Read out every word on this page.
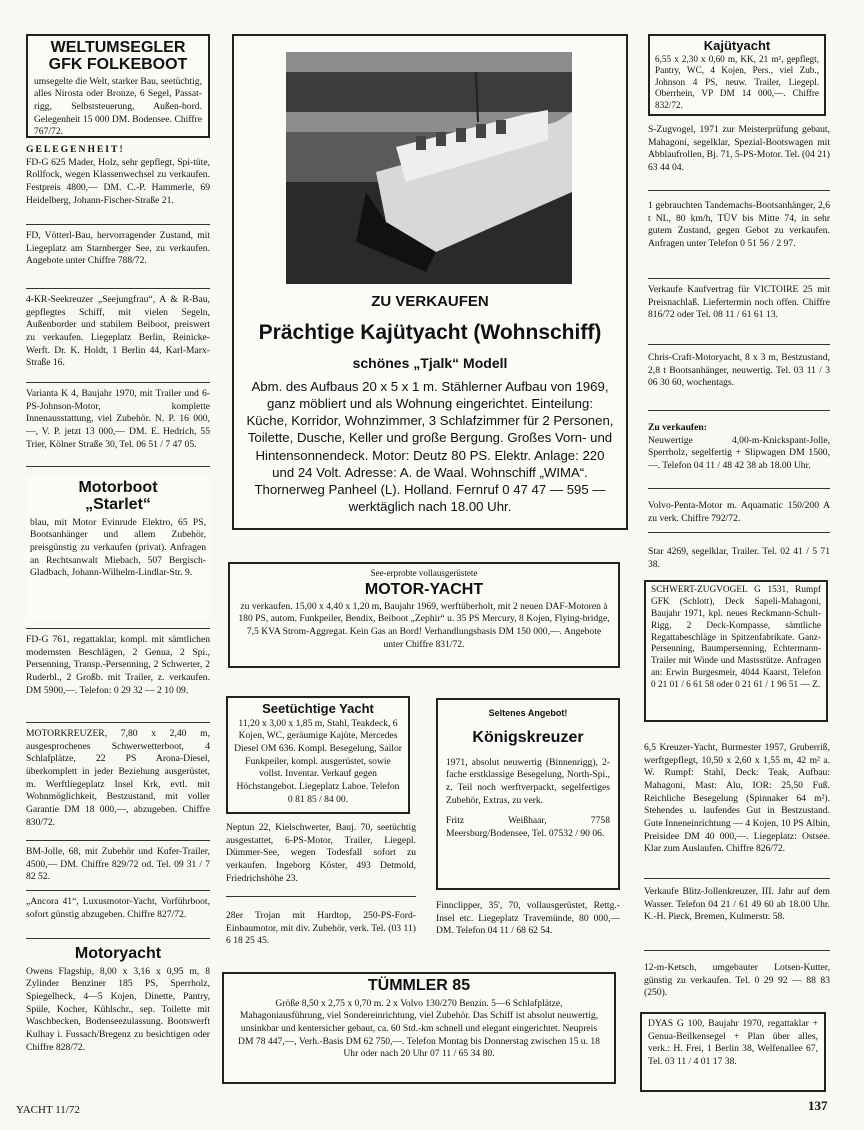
WELTUMSEGLER
GFK FOLKEBOOT

umsegelte die Welt, starker Bau, seetüchtig, alles Nirosta oder Bronze, 6 Segel, Passat-rigg, Selbststeuerung, Außen-bord. Gelegenheit 15 000 DM. Bodensee. Chiffre 767/72.

GELEGENHEIT!

FD-G 625 Mader, Holz, sehr gepflegt, Spi-tüte, Rollfock, wegen Klassenwechsel zu verkaufen. Festpreis 4800,— DM. C.-P. Hammerle, 69 Heidelberg, Johann-Fischer-Straße 21.

FD, Vötterl-Bau, hervorragender Zustand, mit Liegeplatz am Starnberger See, zu verkaufen. Angebote unter Chiffre 788/72.

4-KR-Seekreuzer „Seejungfrau“, A & R-Bau, gepflegtes Schiff, mit vielen Segeln, Außenborder und stabilem Beiboot, preiswert zu verkaufen. Liegeplatz Berlin, Reinicke-Werft. Dr. K. Holdt, 1 Berlin 44, Karl-Marx-Straße 16.

Varianta K 4, Baujahr 1970, mit Trailer und 6-PS-Johnson-Motor, komplette Innenausstattung, viel Zubehör. N. P. 16 000,—, V. P. jetzt 13 000,— DM. E. Hedrich, 55 Trier, Kölner Straße 30, Tel. 06 51 / 7 47 05.

Motorboot
„Starlet“

blau, mit Motor Evinrude Elektro, 65 PS, Bootsanhänger und allem Zubehör, preisgünstig zu verkaufen (privat). Anfragen an Rechtsanwalt Miebach, 507 Bergisch-Gladbach, Johann-Wilhelm-Lindlar-Str. 9.

FD-G 761, regattaklar, kompl. mit sämtlichen modernsten Beschlägen, 2 Genua, 2 Spi., Persenning, Transp.-Persenning, 2 Schwerter, 2 Ruderbl., 2 Großb. mit Trailer, z. verkaufen. DM 5900,—. Telefon: 0 29 32 — 2 10 09.

MOTORKREUZER, 7,80 x 2,40 m, ausgesprochenes Schwerwetterboot, 4 Schlafplätze, 22 PS Arona-Diesel, überkomplett in jeder Beziehung ausgerüstet, m. Werftliegeplatz Insel Krk, evtl. mit Wohnmöglichkeit, Bestzustand, mit voller Garantie DM 18 000,—, abzugeben. Chiffre 830/72.

BM-Jolle, 68, mit Zubehör und Kufer-Trailer, 4500,— DM. Chiffre 829/72 od. Tel. 09 31 / 7 82 52.

„Ancora 41“, Luxusmotor-Yacht, Vorführboot, sofort günstig abzugeben. Chiffre 827/72.

Motoryacht

Owens Flagship, 8,00 x 3,16 x 0,95 m, 8 Zylinder Benziner 185 PS, Sperrholz, Spiegelheck, 4—5 Kojen, Dinette, Pantry, Spüle, Kocher, Kühlschr., sep. Toilette mit Waschbecken, Bodenseezulassung. Bootswerft Kulhay i. Fussach/Bregenz zu besichtigen oder Chiffre 828/72.

ZU VERKAUFEN
Prächtige Kajütyacht (Wohnschiff)
schönes „Tjalk“ Modell

Abm. des Aufbaus 20 x 5 x 1 m. Stählerner Aufbau von 1969, ganz möbliert und als Wohnung eingerichtet. Einteilung: Küche, Korridor, Wohnzimmer, 3 Schlafzimmer für 2 Personen, Toilette, Dusche, Keller und große Bergung. Großes Vorn- und Hintensonnendeck. Motor: Deutz 80 PS. Elektr. Anlage: 220 und 24 Volt. Adresse: A. de Waal. Wohnschiff „WIMA“. Thornerweg Panheel (L). Holland. Fernruf 0 47 47 — 595 — werktäglich nach 18.00 Uhr.

See-erprobte vollausgerüstete

MOTOR-YACHT

zu verkaufen. 15,00 x 4,40 x 1,20 m, Baujahr 1969, werftüberholt, mit 2 neuen DAF-Motoren à 180 PS, autom. Funkpeiler, Bendix, Beiboot „Zephir“ u. 35 PS Mercury, 8 Kojen, Flying-bridge, 7,5 KVA Strom-Aggregat. Kein Gas an Bord! Verhandlungsbasis DM 150 000,—. Angebote unter Chiffre 831/72.

Seetüchtige Yacht

11,20 x 3,00 x 1,85 m, Stahl, Teakdeck, 6 Kojen, WC, geräumige Kajüte, Mercedes Diesel OM 636. Kompl. Besegelung, Sailor Funkpeiler, kompl. ausgerüstet, sowie vollst. Inventar. Verkauf gegen Höchstangebot. Liegeplatz Laboe. Telefon 0 81 85 / 84 00.

Seltenes Angebot!

Königskreuzer

1971, absolut neuwertig (Binnenrigg), 2-fache erstklassige Besegelung, North-Spi., z. Teil noch werftverpackt, segelfertiges Zubehör, Extras, zu verk.

Fritz Weißhaar, 7758 Meersburg/Bodensee, Tel. 07532 / 90 06.

Neptun 22, Kielschwerter, Bauj. 70, seetüchtig ausgestattet, 6-PS-Motor, Trailer, Liegepl. Dümmer-See, wegen Todesfall sofort zu verkaufen. Ingeborg Köster, 493 Detmold, Friedrichshöhe 23.

28er Trojan mit Hardtop, 250-PS-Ford-Einbaumotor, mit div. Zubehör, verk. Tel. (03 11) 6 18 25 45.

Finnclipper, 35', 70, vollausgerüstet, Rettg.-Insel etc. Liegeplatz Travemünde, 80 000,— DM. Telefon 04 11 / 68 62 54.

TÜMMLER 85

Größe 8,50 x 2,75 x 0,70 m. 2 x Volvo 130/270 Benzin. 5—6 Schlafplätze, Mahagoniausführung, viel Sondereinrichtung, viel Zubehör. Das Schiff ist absolut neuwertig, unsinkbar und kentersicher gebaut, ca. 60 Std.-km schnell und elegant eingerichtet. Neupreis DM 78 447,—, Verh.-Basis DM 62 750,—. Telefon Montag bis Donnerstag zwischen 15 u. 18 Uhr oder nach 20 Uhr 07 11 / 65 34 80.

Kajütyacht

6,55 x 2,30 x 0,60 m, KK, 21 m², gepflegt, Pantry, WC, 4 Kojen, Pers., viel Zub., Johnson 4 PS, neuw. Trailer, Liegepl. Oberrhein, VP DM 14 000,—. Chiffre 832/72.

S-Zugvogel, 1971 zur Meisterprüfung gebaut, Mahagoni, segelklar, Spezial-Bootswagen mit Abblaufrollen, Bj. 71, 5-PS-Motor. Tel. (04 21) 63 44 04.

1 gebrauchten Tandemachs-Bootsanhänger, 2,6 t NL, 80 km/h, TÜV bis Mitte 74, in sehr gutem Zustand, gegen Gebot zu verkaufen. Anfragen unter Telefon 0 51 56 / 2 97.

Verkaufe Kaufvertrag für VICTOIRE 25 mit Preisnachlaß. Liefertermin noch offen. Chiffre 816/72 oder Tel. 08 11 / 61 61 13.

Chris-Craft-Motoryacht, 8 x 3 m, Bestzustand, 2,8 t Bootsanhänger, neuwertig. Tel. 03 11 / 3 06 30 60, wochentags.

Zu verkaufen:

Neuwertige 4,00-m-Knickspant-Jolle, Sperrholz, segelfertig + Slipwagen DM 1500,—. Telefon 04 11 / 48 42 38 ab 18.00 Uhr.

Volvo-Penta-Motor m. Aquamatic 150/200 A zu verk. Chiffre 792/72.

Star 4269, segelklar, Trailer. Tel. 02 41 / 5 71 38.

SCHWERT-ZUGVOGEL G 1531, Rumpf GFK (Schlott), Deck Sapeli-Mahagoni, Baujahr 1971, kpl. neues Reckmann-Schult-Rigg, 2 Deck-Kompasse, sämtliche Regattabeschläge in Spitzenfabrikate. Ganz-Persenning, Baumpersenning, Echtermann-Trailer mit Winde und Mastsstütze. Anfragen an: Erwin Burgesmeir, 4044 Kaarst, Telefon 0 21 01 / 6 61 58 oder 0 21 61 / 1 96 51 — Z.

6,5 Kreuzer-Yacht, Burmester 1957, Gruberriß, werftgepflegt, 10,50 x 2,60 x 1,55 m, 42 m² a. W. Rumpf: Stahl, Deck: Teak, Aufbau: Mahagoni, Mast: Alu, IOR: 25,50 Fuß. Reichliche Besegelung (Spinnaker 64 m²). Stehendes u. laufendes Gut in Bestzustand. Gute Inneneinrichtung — 4 Kojen, 10 PS Albin, Preisidee DM 40 000,—. Liegeplatz: Ostsee. Klar zum Auslaufen. Chiffre 826/72.

Verkaufe Blitz-Jollenkreuzer, III. Jahr auf dem Wasser. Telefon 04 21 / 61 49 60 ab 18.00 Uhr. K.-H. Pieck, Bremen, Kulmerstr. 58.

12-m-Ketsch, umgebauter Lotsen-Kutter, günstig zu verkaufen. Tel. 0 29 92 — 88 83 (250).

DYAS G 100, Baujahr 1970, regattaklar + Genua-Beilkensegel + Plan über alles, verk.: H. Frei, 1 Berlin 38, Welfenallee 67, Tel. 03 11 / 4 01 17 38.

YACHT 11/72	137
